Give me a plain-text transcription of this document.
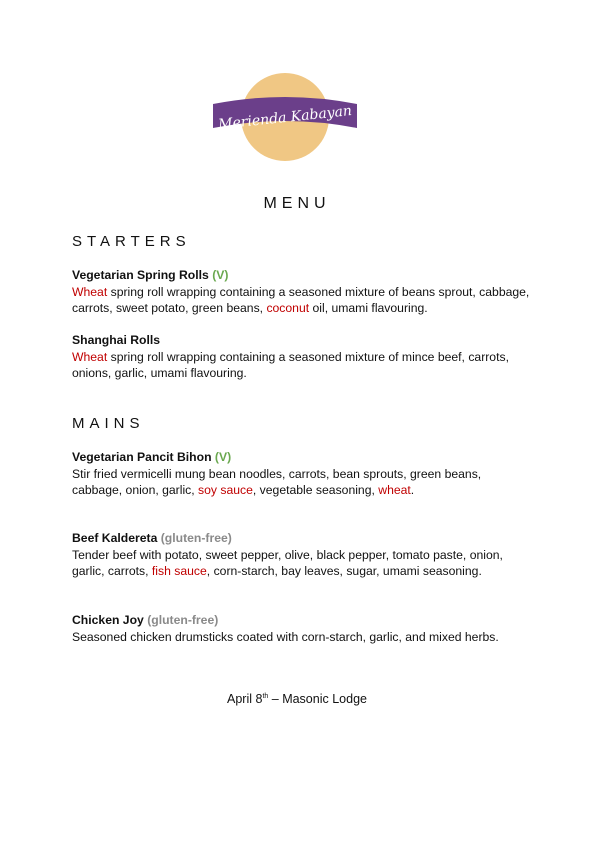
Merienda Kabayan
MENU
STARTERS
Vegetarian Spring Rolls (V)
Wheat spring roll wrapping containing a seasoned mixture of beans sprout, cabbage, carrots, sweet potato, green beans, coconut oil, umami flavouring.
Shanghai Rolls
Wheat spring roll wrapping containing a seasoned mixture of mince beef, carrots, onions, garlic, umami flavouring.
MAINS
Vegetarian Pancit Bihon (V)
Stir fried vermicelli mung bean noodles, carrots, bean sprouts, green beans, cabbage, onion, garlic, soy sauce, vegetable seasoning, wheat.
Beef Kaldereta (gluten-free)
Tender beef with potato, sweet pepper, olive, black pepper, tomato paste, onion, garlic, carrots, fish sauce, corn-starch, bay leaves, sugar, umami seasoning.
Chicken Joy (gluten-free)
Seasoned chicken drumsticks coated with corn-starch, garlic, and mixed herbs.
April 8th – Masonic Lodge
